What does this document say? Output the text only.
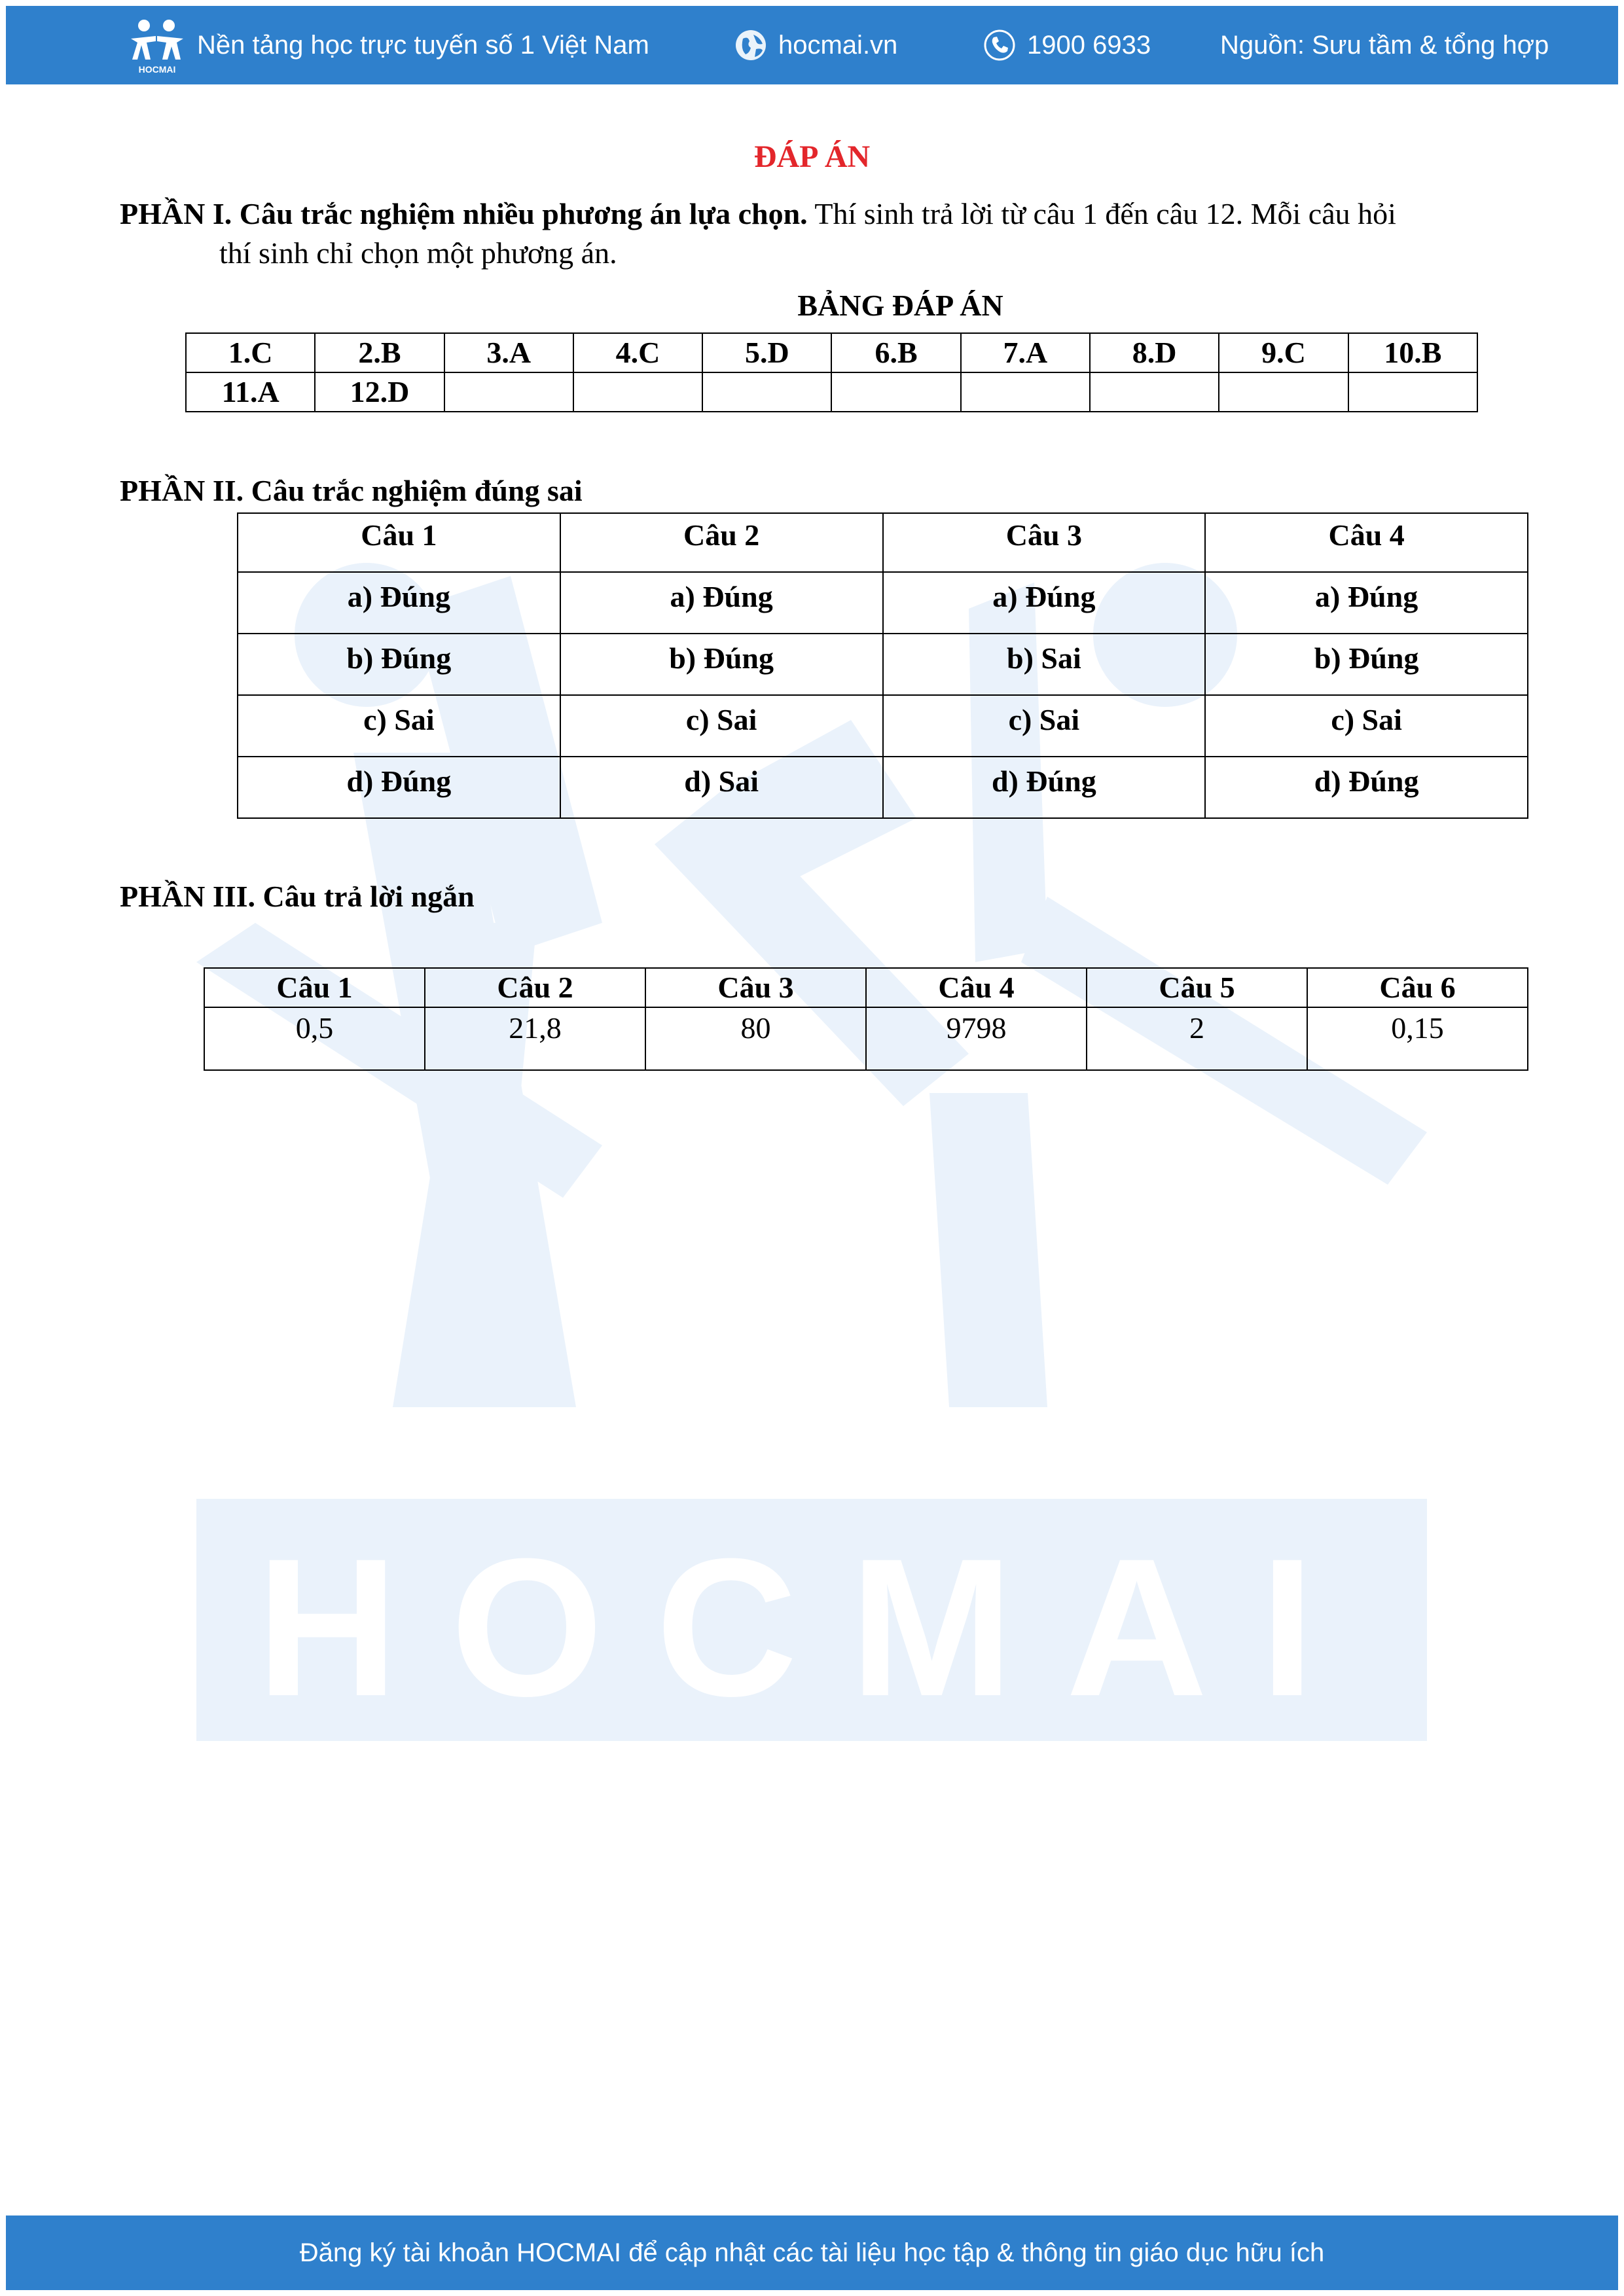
HOCMAI
HOCMAI
Nền tảng học trực tuyến số 1 Việt Nam	hocmai.vn	1900 6933	Nguồn: Sưu tầm & tổng hợp
ĐÁP ÁN
PHẦN I. Câu trắc nghiệm nhiều phương án lựa chọn. Thí sinh trả lời từ câu 1 đến câu 12. Mỗi câu hỏi
thí sinh chỉ chọn một phương án.
BẢNG ĐÁP ÁN
1.C	2.B	3.A	4.C	5.D	6.B	7.A	8.D	9.C	10.B
11.A	12.D								
PHẦN II. Câu trắc nghiệm đúng sai
Câu 1	Câu 2	Câu 3	Câu 4
a) Đúng	a) Đúng	a) Đúng	a) Đúng
b) Đúng	b) Đúng	b) Sai	b) Đúng
c) Sai	c) Sai	c) Sai	c) Sai
d) Đúng	d) Sai	d) Đúng	d) Đúng
PHẦN III. Câu trả lời ngắn
Câu 1	Câu 2	Câu 3	Câu 4	Câu 5	Câu 6
0,5	21,8	80	9798	2	0,15
Đăng ký tài khoản HOCMAI để cập nhật các tài liệu học tập & thông tin giáo dục hữu ích
